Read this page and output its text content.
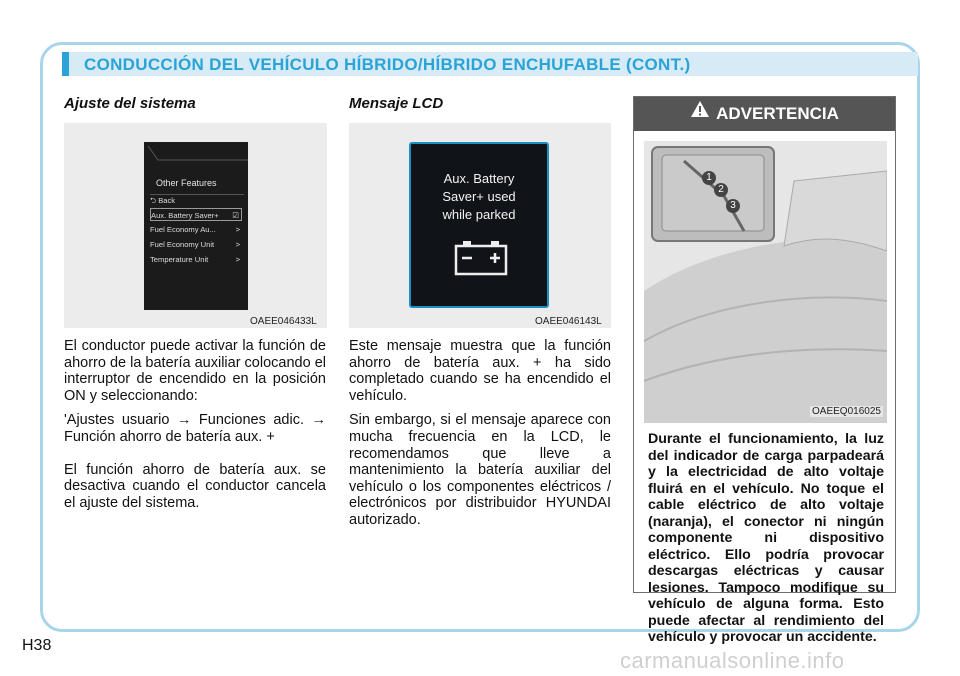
CONDUCCIÓN DEL VEHÍCULO HÍBRIDO/HÍBRIDO ENCHUFABLE (CONT.)
Ajuste del sistema
Other Features
⮌ Back
Aux. Battery Saver+ ☑
Fuel Economy Au...	>
Fuel Economy Unit	>
Temperature Unit	>
OAEE046433L

El conductor puede activar la función de ahorro de la batería auxiliar colocando el interruptor de encendido en la posición ON y seleccionando:

'Ajustes usuario → Funciones adic. → Función ahorro de batería aux. +

El función ahorro de batería aux. se desactiva cuando el conductor cancela el ajuste del sistema.

Mensaje LCD
Aux. Battery
Saver+ used
while parked
OAEE046143L

Este mensaje muestra que la función ahorro de batería aux. + ha sido completado cuando se ha encendido el vehículo.

Sin embargo, si el mensaje aparece con mucha frecuencia en la LCD, le recomendamos que lleve a mantenimiento la batería auxiliar del vehículo o los componentes eléctricos / electrónicos por distribuidor HYUNDAI autorizado.

ADVERTENCIA
1
2
3
OAEEQ016025
Durante el funcionamiento, la luz del indicador de carga parpadeará y la electricidad de alto voltaje fluirá en el vehículo. No toque el cable eléctrico de alto voltaje (naranja), el conector ni ningún componente ni dispositivo eléctrico. Ello podría provocar descargas eléctricas y causar lesiones. Tampoco modifique su vehículo de alguna forma. Esto puede afectar al rendimiento del vehículo y provocar un accidente.
H38
carmanualsonline.info
